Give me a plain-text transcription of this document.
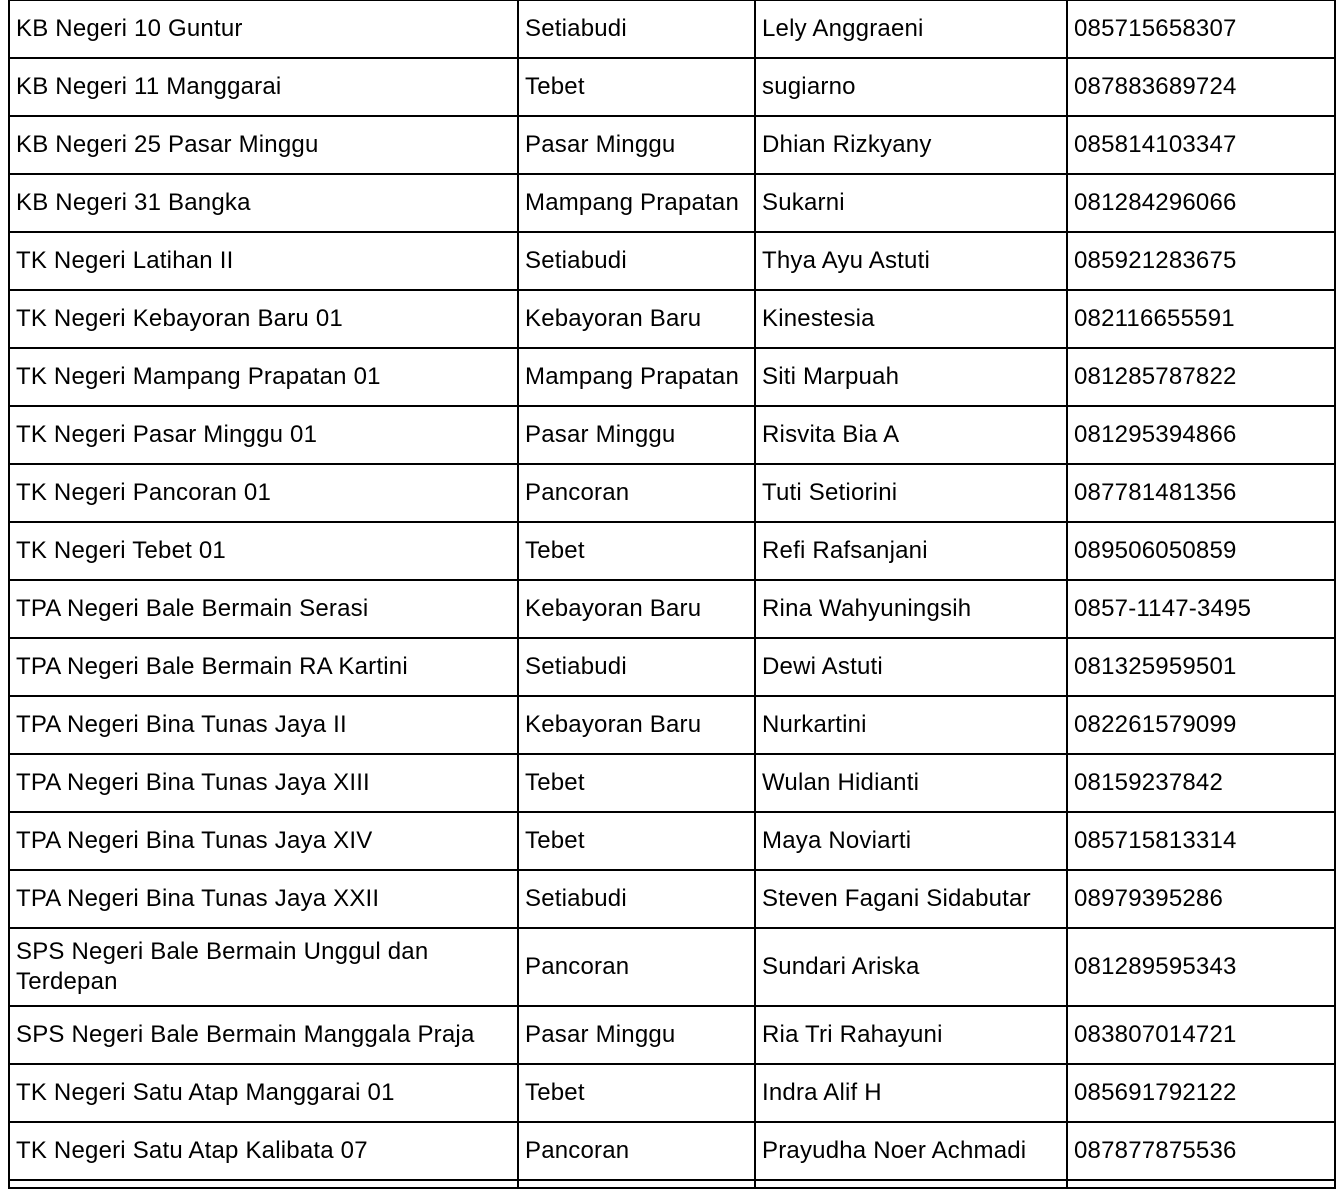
KB Negeri 10 Guntur	Setiabudi	Lely Anggraeni	085715658307
KB Negeri 11 Manggarai	Tebet	sugiarno	087883689724
KB Negeri 25 Pasar Minggu	Pasar Minggu	Dhian Rizkyany	085814103347
KB Negeri 31 Bangka	Mampang Prapatan	Sukarni	081284296066
TK Negeri Latihan II	Setiabudi	Thya Ayu Astuti	085921283675
TK Negeri Kebayoran Baru 01	Kebayoran Baru	Kinestesia	082116655591
TK Negeri Mampang Prapatan 01	Mampang Prapatan	Siti Marpuah	081285787822
TK Negeri Pasar Minggu 01	Pasar Minggu	Risvita Bia A	081295394866
TK Negeri Pancoran 01	Pancoran	Tuti Setiorini	087781481356
TK Negeri Tebet 01	Tebet	Refi Rafsanjani	089506050859
TPA Negeri Bale Bermain Serasi	Kebayoran Baru	Rina Wahyuningsih	0857-1147-3495
TPA Negeri Bale Bermain RA Kartini	Setiabudi	Dewi Astuti	081325959501
TPA Negeri Bina Tunas Jaya II	Kebayoran Baru	Nurkartini	082261579099
TPA Negeri Bina Tunas Jaya XIII	Tebet	Wulan Hidianti	08159237842
TPA Negeri Bina Tunas Jaya XIV	Tebet	Maya Noviarti	085715813314
TPA Negeri Bina Tunas Jaya XXII	Setiabudi	Steven Fagani Sidabutar	08979395286
SPS Negeri Bale Bermain Unggul dan Terdepan	Pancoran	Sundari Ariska	081289595343
SPS Negeri Bale Bermain Manggala Praja	Pasar Minggu	Ria Tri Rahayuni	083807014721
TK Negeri Satu Atap Manggarai 01	Tebet	Indra Alif H	085691792122
TK Negeri Satu Atap Kalibata 07	Pancoran	Prayudha Noer Achmadi	087877875536
